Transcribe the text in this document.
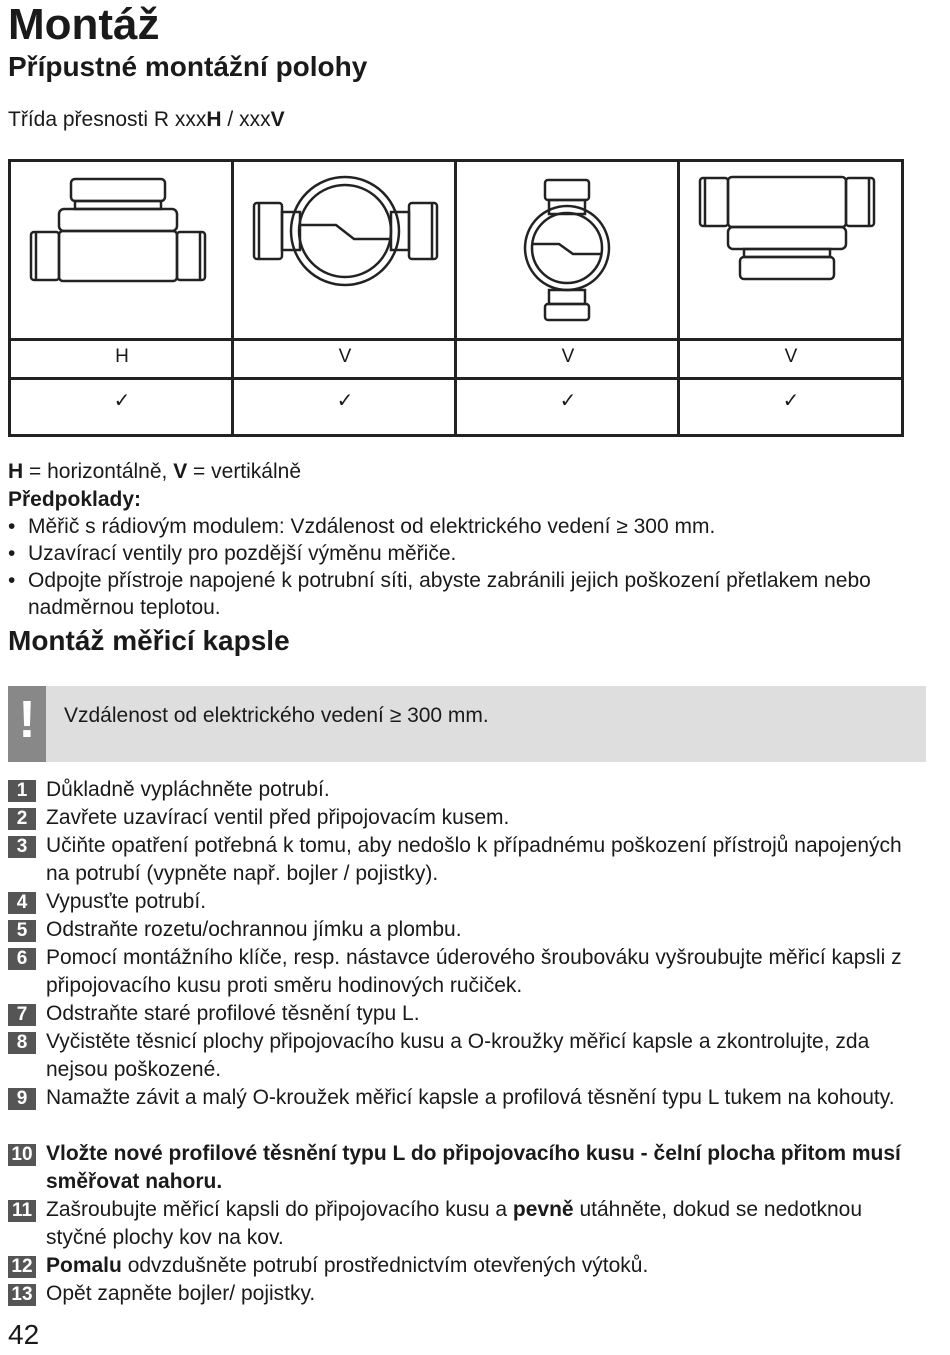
Montáž
Přípustné montážní polohy
Třída přesnosti R xxxH / xxxV
H	V	V	V
✓	✓	✓	✓
H = horizontálně, V = vertikálně
Předpoklady:
• Měřič s rádiovým modulem: Vzdálenost od elektrického vedení ≥ 300 mm.
• Uzavírací ventily pro pozdější výměnu měřiče.
• Odpojte přístroje napojené k potrubní síti, abyste zabránili jejich poškození přetlakem nebo nadměrnou teplotou.
Montáž měřicí kapsle
!	Vzdálenost od elektrického vedení ≥ 300 mm.
1 Důkladně vypláchněte potrubí.
2 Zavřete uzavírací ventil před připojovacím kusem.
3 Učiňte opatření potřebná k tomu, aby nedošlo k případnému poškození přístrojů napojených na potrubí (vypněte např. bojler / pojistky).
4 Vypusťte potrubí.
5 Odstraňte rozetu/ochrannou jímku a plombu.
6 Pomocí montážního klíče, resp. nástavce úderového šroubováku vyšroubujte měřicí kapsli z připojovacího kusu proti směru hodinových ručiček.
7 Odstraňte staré profilové těsnění typu L.
8 Vyčistěte těsnicí plochy připojovacího kusu a O-kroužky měřicí kapsle a zkontrolujte, zda nejsou poškozené.
9 Namažte závit a malý O-kroužek měřicí kapsle a profilová těsnění typu L tukem na kohouty.
10 Vložte nové profilové těsnění typu L do připojovacího kusu - čelní plocha přitom musí směřovat nahoru.
11 Zašroubujte měřicí kapsli do připojovacího kusu a pevně utáhněte, dokud se nedotknou styčné plochy kov na kov.
12 Pomalu odvzdušněte potrubí prostřednictvím otevřených výtoků.
13 Opět zapněte bojler/ pojistky.
42
